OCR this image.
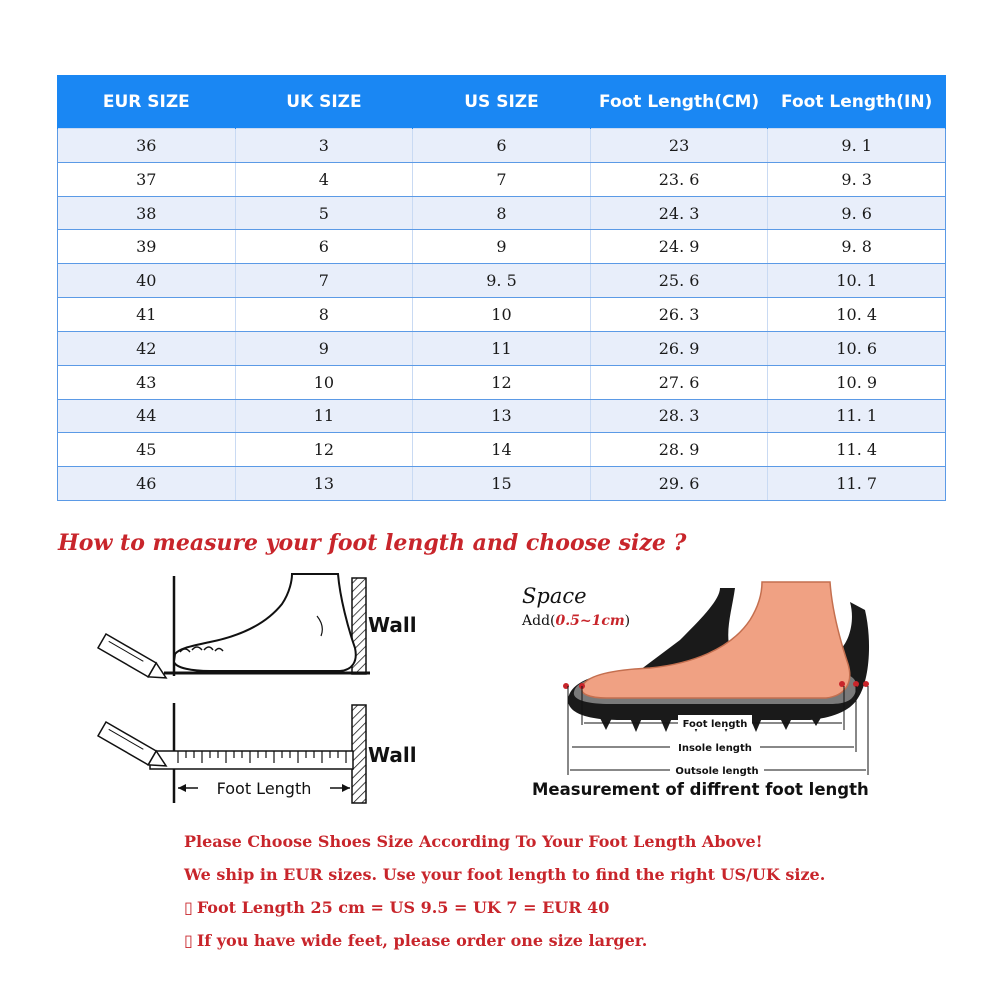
EUR SIZE	UK SIZE	US SIZE	Foot Length(CM)	Foot Length(IN)
36	3	6	23	9. 1
37	4	7	23. 6	9. 3
38	5	8	24. 3	9. 6
39	6	9	24. 9	9. 8
40	7	9. 5	25. 6	10. 1
41	8	10	26. 3	10. 4
42	9	11	26. 9	10. 6
43	10	12	27. 6	10. 9
44	11	13	28. 3	11. 1
45	12	14	28. 9	11. 4
46	13	15	29. 6	11. 7
How to measure your foot length and choose size ?
Foot Length
Wall
Wall
Space
Add(0.5~1cm)
Foot length
Insole length
Outsole length
Measurement of diffrent foot length
Please Choose Shoes Size According To Your Foot Length Above!
We ship in EUR sizes. Use your foot length to find the right US/UK size.
▯ Foot Length 25 cm = US 9.5 = UK 7 = EUR 40
▯ If you have wide feet, please order one size larger.
